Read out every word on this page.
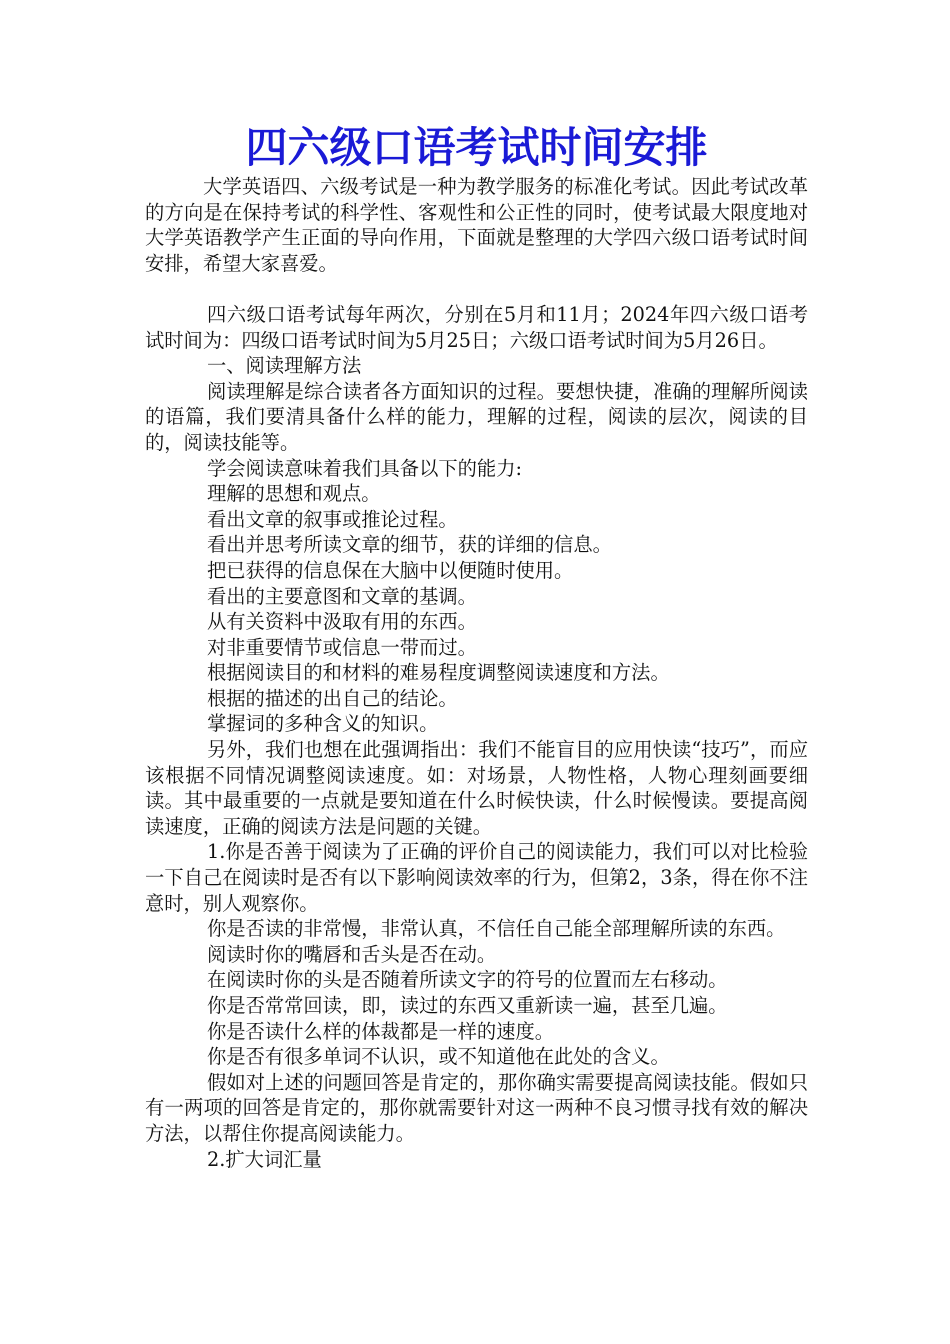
四六级口语考试时间安排

大学英语四、六级考试是一种为教学服务的标准化考试。因此考试改革的方向是在保持考试的科学性、客观性和公正性的同时，使考试最大限度地对大学英语教学产生正面的导向作用，下面就是整理的大学四六级口语考试时间安排，希望大家喜爱。

四六级口语考试每年两次，分别在5月和11月；2024年四六级口语考试时间为：四级口语考试时间为5月25日；六级口语考试时间为5月26日。

一、阅读理解方法

阅读理解是综合读者各方面知识的过程。要想快捷，准确的理解所阅读的语篇，我们要清具备什么样的能力，理解的过程，阅读的层次，阅读的目的，阅读技能等。

学会阅读意味着我们具备以下的能力:

理解的思想和观点。

看出文章的叙事或推论过程。

看出并思考所读文章的细节，获的详细的信息。

把已获得的信息保在大脑中以便随时使用。

看出的主要意图和文章的基调。

从有关资料中汲取有用的东西。

对非重要情节或信息一带而过。

根据阅读目的和材料的难易程度调整阅读速度和方法。

根据的描述的出自己的结论。

掌握词的多种含义的知识。

另外，我们也想在此强调指出：我们不能盲目的应用快读“技巧”，而应该根据不同情况调整阅读速度。如：对场景，人物性格，人物心理刻画要细读。其中最重要的一点就是要知道在什么时候快读，什么时候慢读。要提高阅读速度，正确的阅读方法是问题的关键。

1.你是否善于阅读为了正确的评价自己的阅读能力，我们可以对比检验一下自己在阅读时是否有以下影响阅读效率的行为，但第2，3条，得在你不注意时，别人观察你。

你是否读的非常慢，非常认真，不信任自己能全部理解所读的东西。

阅读时你的嘴唇和舌头是否在动。

在阅读时你的头是否随着所读文字的符号的位置而左右移动。

你是否常常回读，即，读过的东西又重新读一遍，甚至几遍。

你是否读什么样的体裁都是一样的速度。

你是否有很多单词不认识，或不知道他在此处的含义。

假如对上述的问题回答是肯定的，那你确实需要提高阅读技能。假如只有一两项的回答是肯定的，那你就需要针对这一两种不良习惯寻找有效的解决方法，以帮住你提高阅读能力。

2.扩大词汇量
